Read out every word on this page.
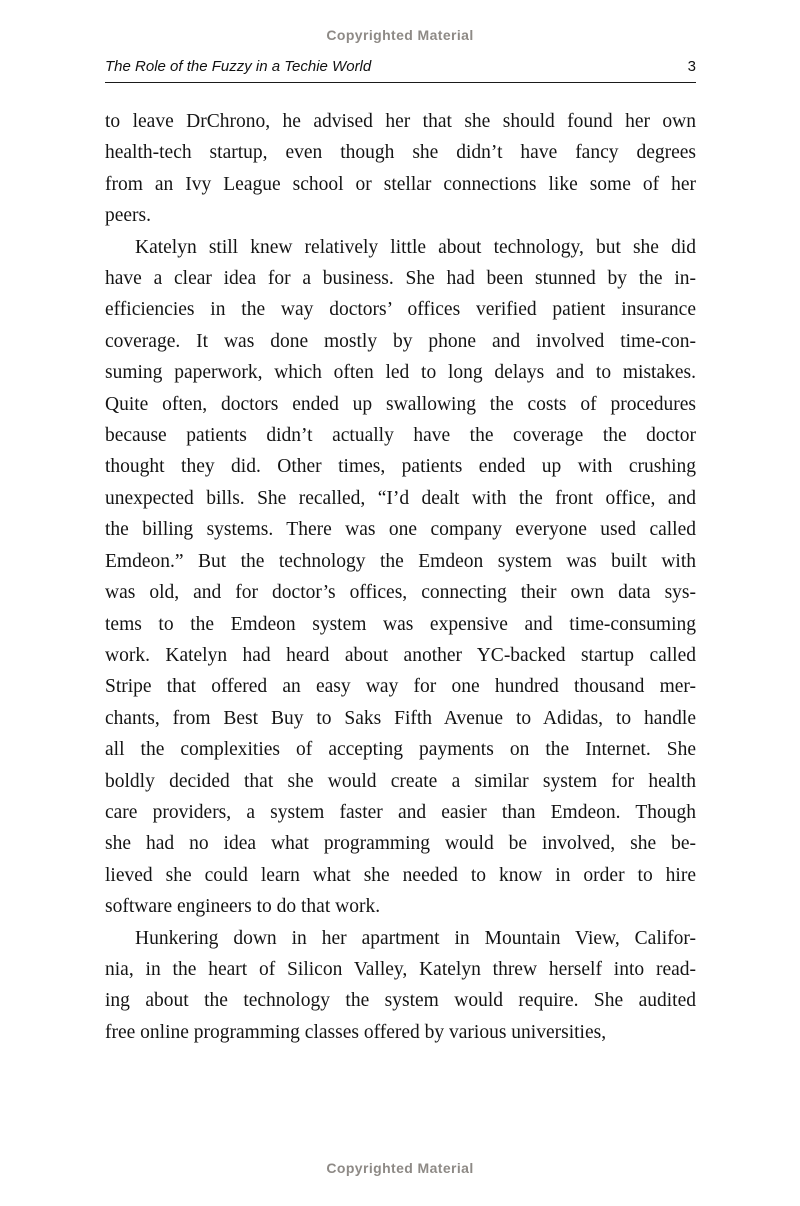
Copyrighted Material
The Role of the Fuzzy in a Techie World	3
to leave DrChrono, he advised her that she should found her own
health-tech startup, even though she didn’t have fancy degrees
from an Ivy League school or stellar connections like some of her
peers.
Katelyn still knew relatively little about technology, but she did
have a clear idea for a business. She had been stunned by the in-
efficiencies in the way doctors’ offices verified patient insurance
coverage. It was done mostly by phone and involved time-con-
suming paperwork, which often led to long delays and to mistakes.
Quite often, doctors ended up swallowing the costs of procedures
because patients didn’t actually have the coverage the doctor
thought they did. Other times, patients ended up with crushing
unexpected bills. She recalled, “I’d dealt with the front office, and
the billing systems. There was one company everyone used called
Emdeon.” But the technology the Emdeon system was built with
was old, and for doctor’s offices, connecting their own data sys-
tems to the Emdeon system was expensive and time-consuming
work. Katelyn had heard about another YC-backed startup called
Stripe that offered an easy way for one hundred thousand mer-
chants, from Best Buy to Saks Fifth Avenue to Adidas, to handle
all the complexities of accepting payments on the Internet. She
boldly decided that she would create a similar system for health
care providers, a system faster and easier than Emdeon. Though
she had no idea what programming would be involved, she be-
lieved she could learn what she needed to know in order to hire
software engineers to do that work.
Hunkering down in her apartment in Mountain View, Califor-
nia, in the heart of Silicon Valley, Katelyn threw herself into read-
ing about the technology the system would require. She audited
free online programming classes offered by various universities,
Copyrighted Material
